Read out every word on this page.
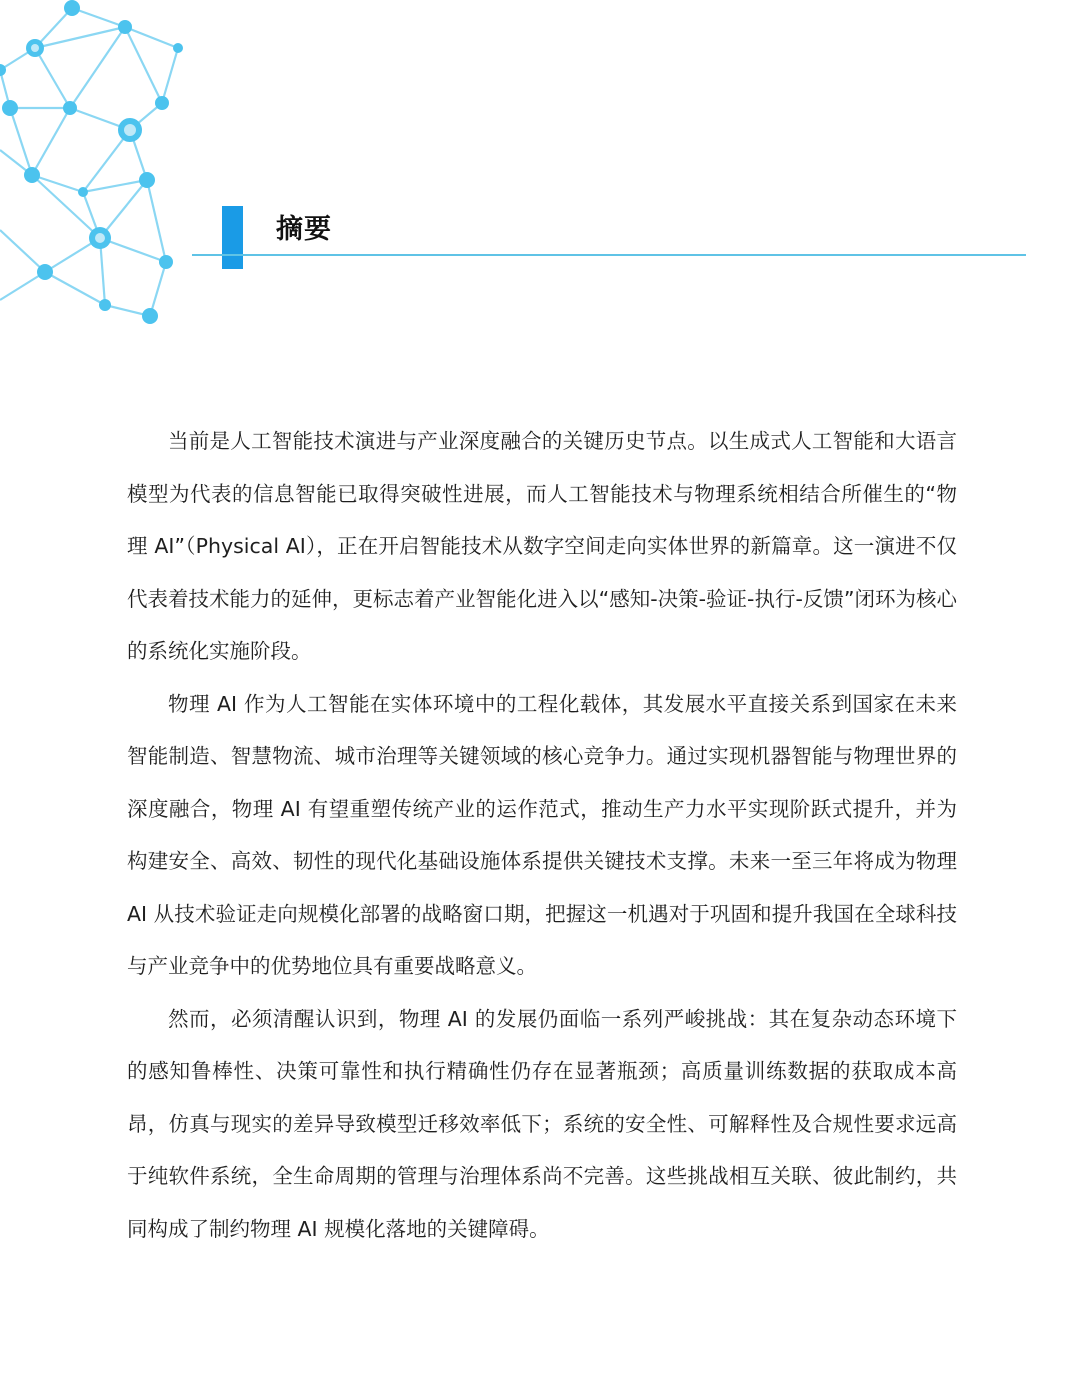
摘要

当前是人工智能技术演进与产业深度融合的关键历史节点。以生成式人工智能和大语言模型为代表的信息智能已取得突破性进展，而人工智能技术与物理系统相结合所催生的“物理 AI”（Physical AI），正在开启智能技术从数字空间走向实体世界的新篇章。这一演进不仅代表着技术能力的延伸，更标志着产业智能化进入以“感知-决策-验证-执行-反馈”闭环为核心的系统化实施阶段。

物理 AI 作为人工智能在实体环境中的工程化载体，其发展水平直接关系到国家在未来智能制造、智慧物流、城市治理等关键领域的核心竞争力。通过实现机器智能与物理世界的深度融合，物理 AI 有望重塑传统产业的运作范式，推动生产力水平实现阶跃式提升，并为构建安全、高效、韧性的现代化基础设施体系提供关键技术支撑。未来一至三年将成为物理 AI 从技术验证走向规模化部署的战略窗口期，把握这一机遇对于巩固和提升我国在全球科技与产业竞争中的优势地位具有重要战略意义。

然而，必须清醒认识到，物理 AI 的发展仍面临一系列严峻挑战：其在复杂动态环境下的感知鲁棒性、决策可靠性和执行精确性仍存在显著瓶颈；高质量训练数据的获取成本高昂，仿真与现实的差异导致模型迁移效率低下；系统的安全性、可解释性及合规性要求远高于纯软件系统，全生命周期的管理与治理体系尚不完善。这些挑战相互关联、彼此制约，共同构成了制约物理 AI 规模化落地的关键障碍。
